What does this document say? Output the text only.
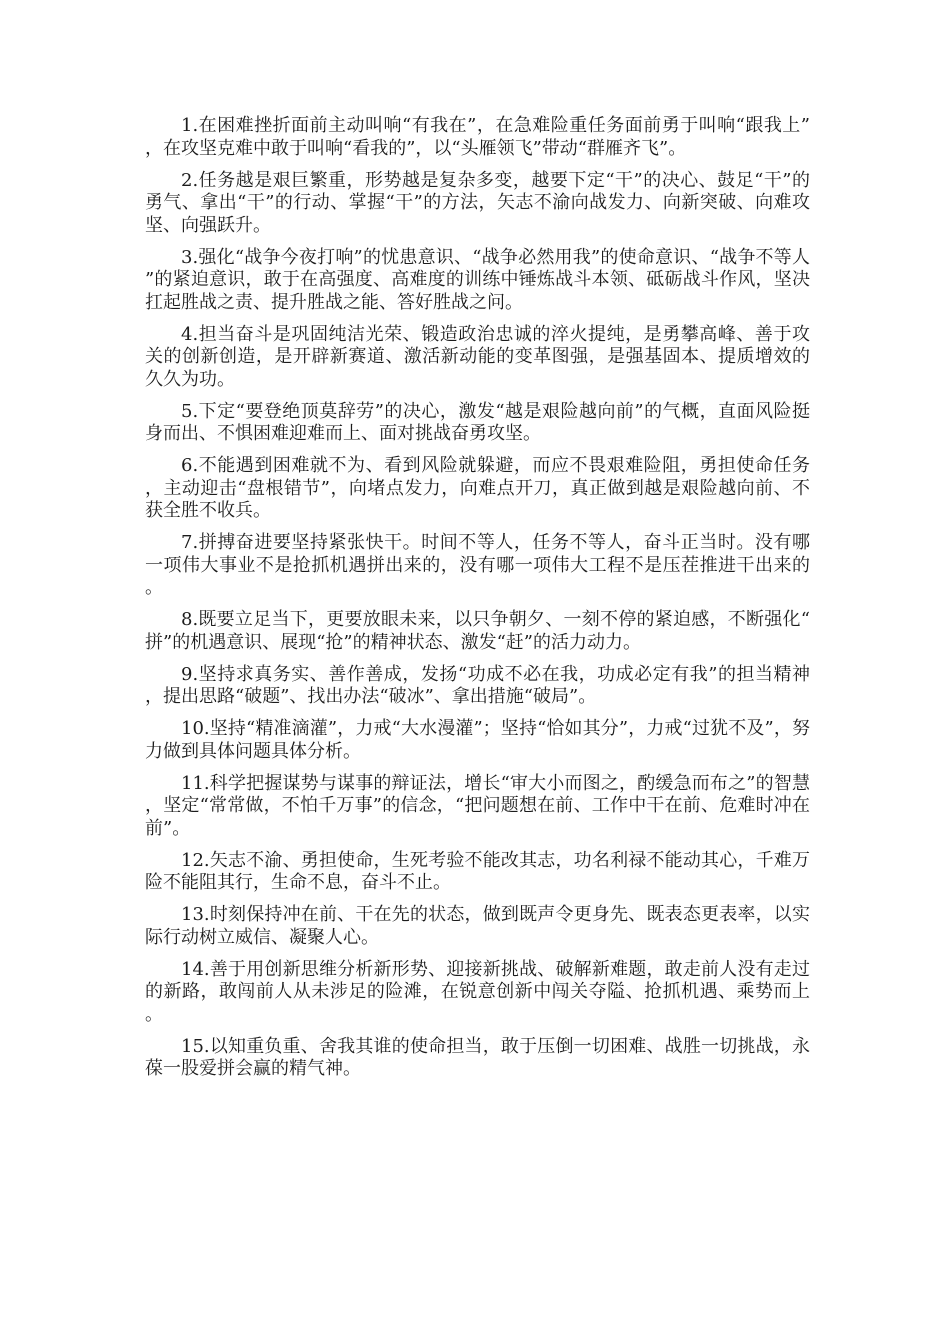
1.在困难挫折面前主动叫响“有我在”，在急难险重任务面前勇于叫响“跟我上”，在攻坚克难中敢于叫响“看我的”，以“头雁领飞”带动“群雁齐飞”。

2.任务越是艰巨繁重，形势越是复杂多变，越要下定“干”的决心、鼓足“干”的勇气、拿出“干”的行动、掌握“干”的方法，矢志不渝向战发力、向新突破、向难攻坚、向强跃升。

3.强化“战争今夜打响”的忧患意识、“战争必然用我”的使命意识、“战争不等人”的紧迫意识，敢于在高强度、高难度的训练中锤炼战斗本领、砥砺战斗作风，坚决扛起胜战之责、提升胜战之能、答好胜战之问。

4.担当奋斗是巩固纯洁光荣、锻造政治忠诚的淬火提纯，是勇攀高峰、善于攻关的创新创造，是开辟新赛道、激活新动能的变革图强，是强基固本、提质增效的久久为功。

5.下定“要登绝顶莫辞劳”的决心，激发“越是艰险越向前”的气概，直面风险挺身而出、不惧困难迎难而上、面对挑战奋勇攻坚。

6.不能遇到困难就不为、看到风险就躲避，而应不畏艰难险阻，勇担使命任务，主动迎击“盘根错节”，向堵点发力，向难点开刀，真正做到越是艰险越向前、不获全胜不收兵。

7.拼搏奋进要坚持紧张快干。时间不等人，任务不等人，奋斗正当时。没有哪一项伟大事业不是抢抓机遇拼出来的，没有哪一项伟大工程不是压茬推进干出来的。

8.既要立足当下，更要放眼未来，以只争朝夕、一刻不停的紧迫感，不断强化“拼”的机遇意识、展现“抢”的精神状态、激发“赶”的活力动力。

9.坚持求真务实、善作善成，发扬“功成不必在我，功成必定有我”的担当精神，提出思路“破题”、找出办法“破冰”、拿出措施“破局”。

10.坚持“精准滴灌”，力戒“大水漫灌”；坚持“恰如其分”，力戒“过犹不及”，努力做到具体问题具体分析。

11.科学把握谋势与谋事的辩证法，增长“审大小而图之，酌缓急而布之”的智慧，坚定“常常做，不怕千万事”的信念，“把问题想在前、工作中干在前、危难时冲在前”。

12.矢志不渝、勇担使命，生死考验不能改其志，功名利禄不能动其心，千难万险不能阻其行，生命不息，奋斗不止。

13.时刻保持冲在前、干在先的状态，做到既声令更身先、既表态更表率，以实际行动树立威信、凝聚人心。

14.善于用创新思维分析新形势、迎接新挑战、破解新难题，敢走前人没有走过的新路，敢闯前人从未涉足的险滩，在锐意创新中闯关夺隘、抢抓机遇、乘势而上。

15.以知重负重、舍我其谁的使命担当，敢于压倒一切困难、战胜一切挑战，永葆一股爱拼会赢的精气神。
